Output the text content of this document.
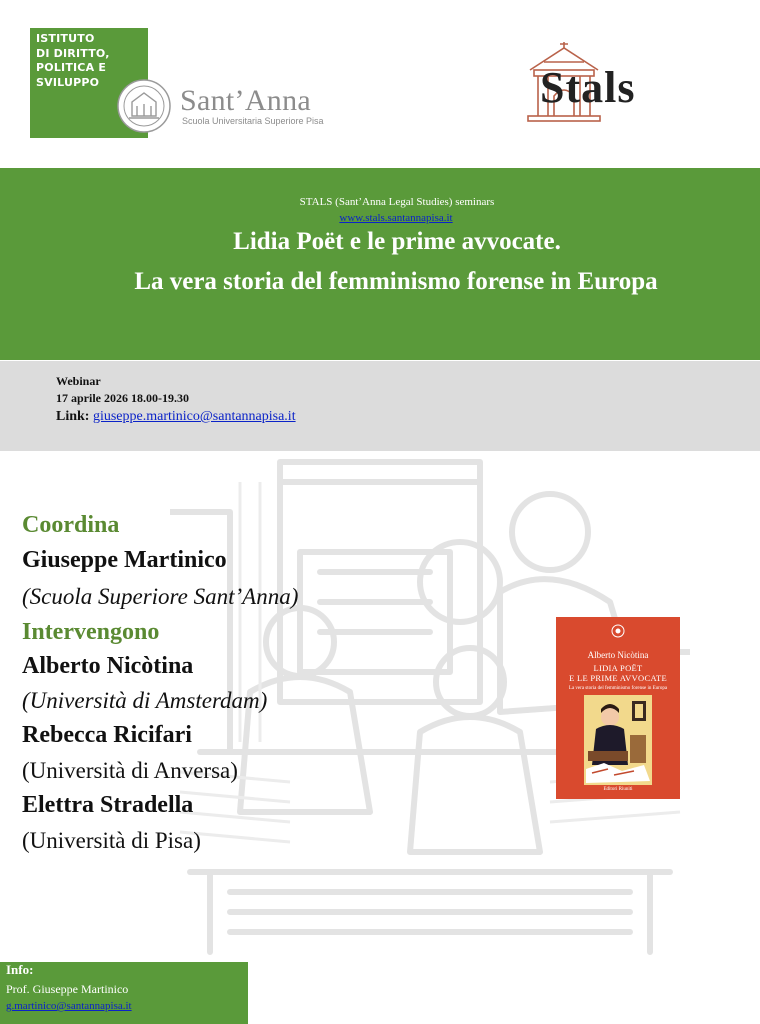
ISTITUTO
DI DIRITTO,
POLITICA E
SVILUPPO
Sant’Anna
Scuola Universitaria Superiore Pisa
Stals
STALS (Sant’Anna Legal Studies) seminars
www.stals.santannapisa.it
Lidia Poët e le prime avvocate.
La vera storia del femminismo forense in Europa
Webinar
17 aprile 2026 18.00-19.30
Link: giuseppe.martinico@santannapisa.it
Coordina
Giuseppe Martinico
(Scuola Superiore Sant’Anna)
Intervengono
Alberto Nicòtina
(Università di Amsterdam)
Rebecca Ricifari
(Università di Anversa)
Elettra Stradella
(Università di Pisa)
Alberto Nicòtina
LIDIA POËT
E LE PRIME AVVOCATE
La vera storia del femminismo forense in Europa
Editori Riuniti
Info:
Prof. Giuseppe Martinico
g.martinico@santannapisa.it
